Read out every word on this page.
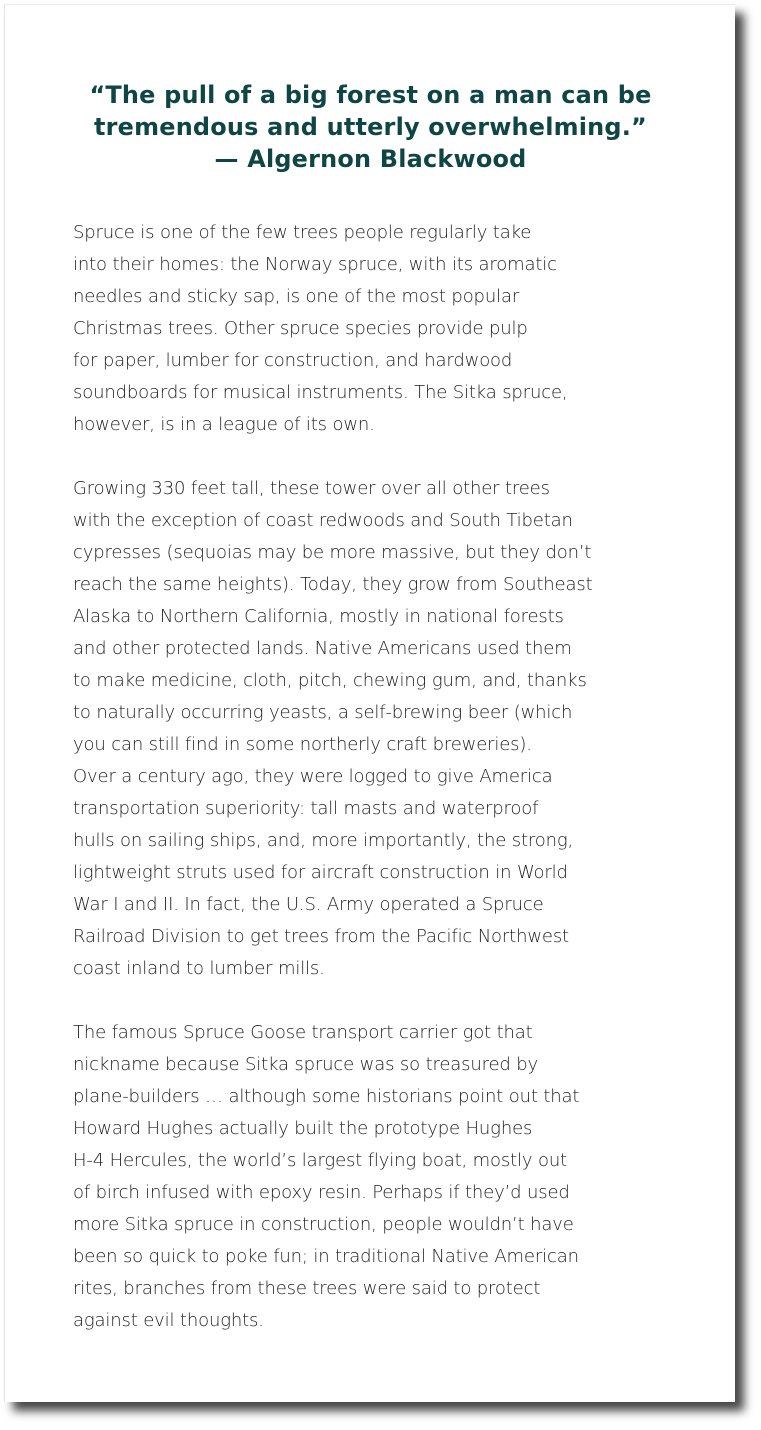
“The pull of a big forest on a man can be
tremendous and utterly overwhelming.”
— Algernon Blackwood

Spruce is one of the few trees people regularly take
into their homes: the Norway spruce, with its aromatic
needles and sticky sap, is one of the most popular
Christmas trees. Other spruce species provide pulp
for paper, lumber for construction, and hardwood
soundboards for musical instruments. The Sitka spruce,
however, is in a league of its own.

Growing 330 feet tall, these tower over all other trees
with the exception of coast redwoods and South Tibetan
cypresses (sequoias may be more massive, but they don’t
reach the same heights). Today, they grow from Southeast
Alaska to Northern California, mostly in national forests
and other protected lands. Native Americans used them
to make medicine, cloth, pitch, chewing gum, and, thanks
to naturally occurring yeasts, a self-brewing beer (which
you can still find in some northerly craft breweries).
Over a century ago, they were logged to give America
transportation superiority: tall masts and waterproof
hulls on sailing ships, and, more importantly, the strong,
lightweight struts used for aircraft construction in World
War I and II. In fact, the U.S. Army operated a Spruce
Railroad Division to get trees from the Pacific Northwest
coast inland to lumber mills.

The famous Spruce Goose transport carrier got that
nickname because Sitka spruce was so treasured by
plane-builders … although some historians point out that
Howard Hughes actually built the prototype Hughes
H-4 Hercules, the world’s largest flying boat, mostly out
of birch infused with epoxy resin. Perhaps if they’d used
more Sitka spruce in construction, people wouldn’t have
been so quick to poke fun; in traditional Native American
rites, branches from these trees were said to protect
against evil thoughts.
